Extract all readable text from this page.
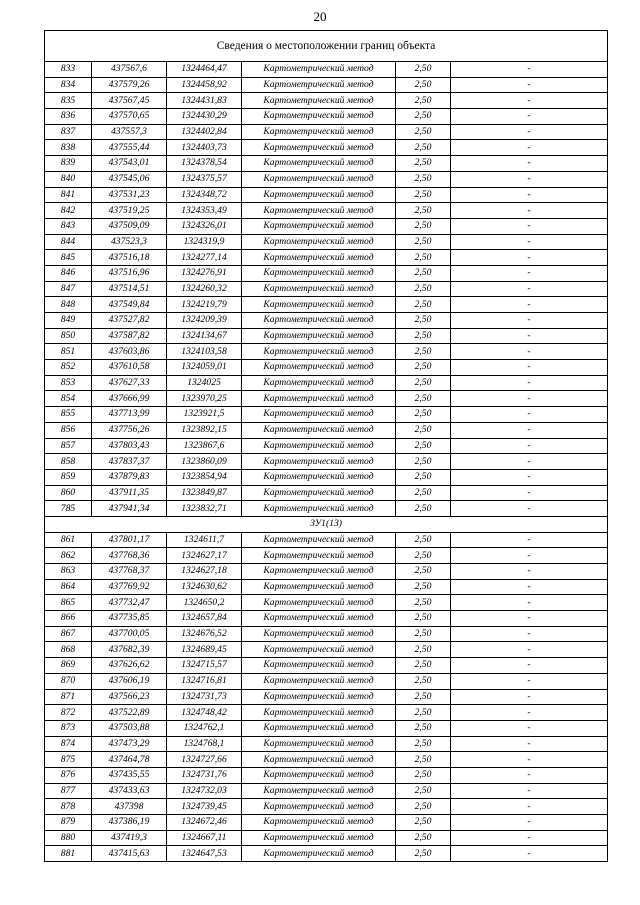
20
Сведения о местоположении границ объекта					
833	437567,6	1324464,47	Картометрический метод	2,50	-
834	437579,26	1324458,92	Картометрический метод	2,50	-
835	437567,45	1324431,83	Картометрический метод	2,50	-
836	437570,65	1324430,29	Картометрический метод	2,50	-
837	437557,3	1324402,84	Картометрический метод	2,50	-
838	437555,44	1324403,73	Картометрический метод	2,50	-
839	437543,01	1324378,54	Картометрический метод	2,50	-
840	437545,06	1324375,57	Картометрический метод	2,50	-
841	437531,23	1324348,72	Картометрический метод	2,50	-
842	437519,25	1324353,49	Картометрический метод	2,50	-
843	437509,09	1324326,01	Картометрический метод	2,50	-
844	437523,3	1324319,9	Картометрический метод	2,50	-
845	437516,18	1324277,14	Картометрический метод	2,50	-
846	437516,96	1324276,91	Картометрический метод	2,50	-
847	437514,51	1324260,32	Картометрический метод	2,50	-
848	437549,84	1324219,79	Картометрический метод	2,50	-
849	437527,82	1324209,39	Картометрический метод	2,50	-
850	437587,82	1324134,67	Картометрический метод	2,50	-
851	437603,86	1324103,58	Картометрический метод	2,50	-
852	437610,58	1324059,01	Картометрический метод	2,50	-
853	437627,33	1324025	Картометрический метод	2,50	-
854	437666,99	1323970,25	Картометрический метод	2,50	-
855	437713,99	1323921,5	Картометрический метод	2,50	-
856	437756,26	1323892,15	Картометрический метод	2,50	-
857	437803,43	1323867,6	Картометрический метод	2,50	-
858	437837,37	1323860,09	Картометрический метод	2,50	-
859	437879,83	1323854,94	Картометрический метод	2,50	-
860	437911,35	1323849,87	Картометрический метод	2,50	-
785	437941,34	1323832,71	Картометрический метод	2,50	-
ЗУ1(13)					
861	437801,17	1324611,7	Картометрический метод	2,50	-
862	437768,36	1324627,17	Картометрический метод	2,50	-
863	437768,37	1324627,18	Картометрический метод	2,50	-
864	437769,92	1324630,62	Картометрический метод	2,50	-
865	437732,47	1324650,2	Картометрический метод	2,50	-
866	437735,85	1324657,84	Картометрический метод	2,50	-
867	437700,05	1324676,52	Картометрический метод	2,50	-
868	437682,39	1324689,45	Картометрический метод	2,50	-
869	437626,62	1324715,57	Картометрический метод	2,50	-
870	437606,19	1324716,81	Картометрический метод	2,50	-
871	437566,23	1324731,73	Картометрический метод	2,50	-
872	437522,89	1324748,42	Картометрический метод	2,50	-
873	437503,88	1324762,1	Картометрический метод	2,50	-
874	437473,29	1324768,1	Картометрический метод	2,50	-
875	437464,78	1324727,66	Картометрический метод	2,50	-
876	437435,55	1324731,76	Картометрический метод	2,50	-
877	437433,63	1324732,03	Картометрический метод	2,50	-
878	437398	1324739,45	Картометрический метод	2,50	-
879	437386,19	1324672,46	Картометрический метод	2,50	-
880	437419,3	1324667,11	Картометрический метод	2,50	-
881	437415,63	1324647,53	Картометрический метод	2,50	-
